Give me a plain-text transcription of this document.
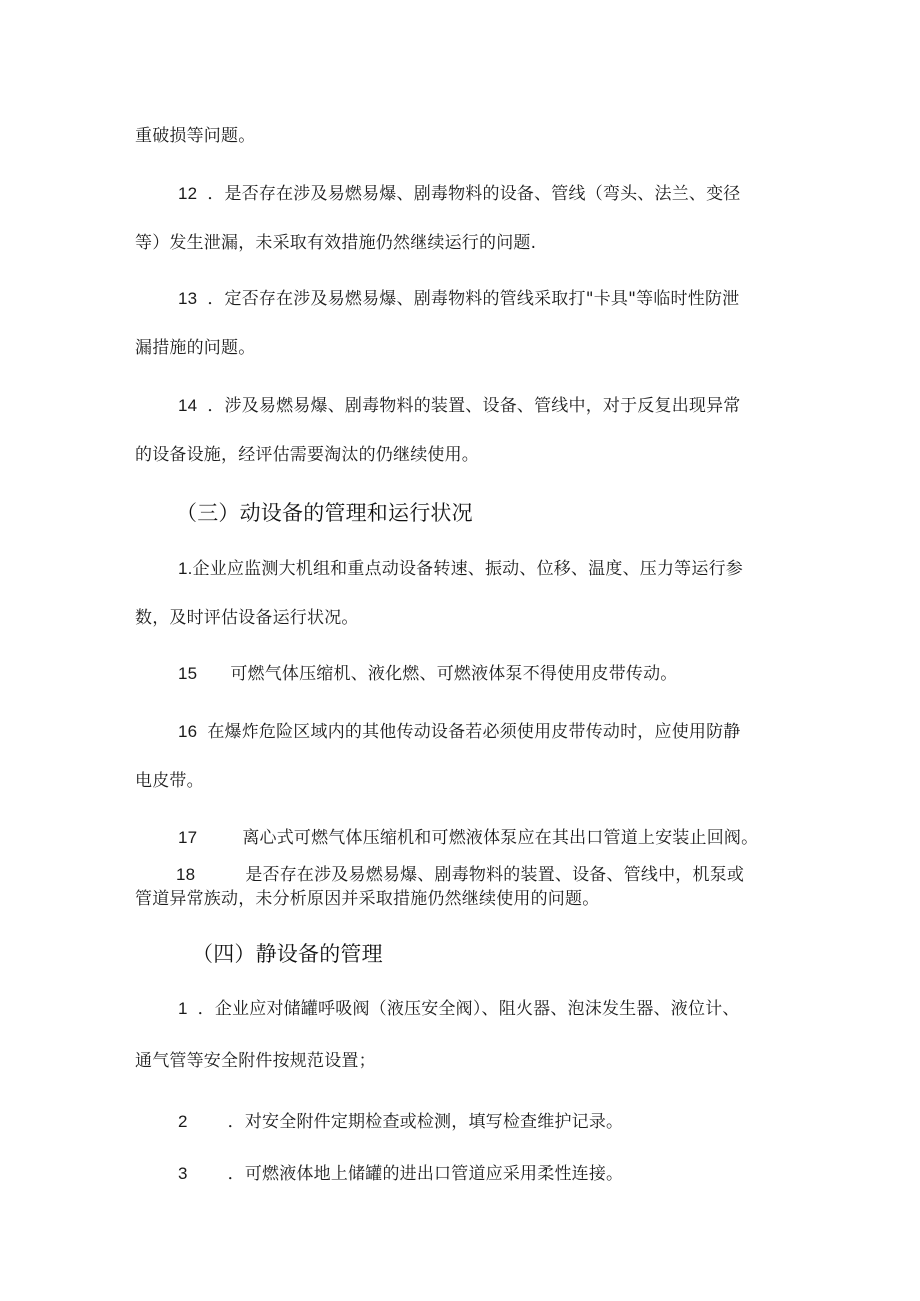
重破损等问题。
12 ．是否存在涉及易燃易爆、剧毒物料的设备、管线（弯头、法兰、变径
等）发生泄漏，未采取有效措施仍然继续运行的问题.
13 ．定否存在涉及易燃易爆、剧毒物料的管线采取打"卡具"等临时性防泄
漏措施的问题。
14 ．涉及易燃易爆、剧毒物料的装置、设备、管线中，对于反复出现异常
的设备设施，经评估需要淘汰的仍继续使用。
（三）动设备的管理和运行状况
1.企业应监测大机组和重点动设备转速、振动、位移、温度、压力等运行参
数，及时评估设备运行状况。
15 可燃气体压缩机、液化燃、可燃液体泵不得使用皮带传动。
16 在爆炸危险区域内的其他传动设备若必须使用皮带传动时，应使用防静
电皮带。
17	离心式可燃气体压缩机和可燃液体泵应在其出口管道上安装止回阀。
18	是否存在涉及易燃易爆、剧毒物料的装置、设备、管线中，机泵或
管道异常族动，未分析原因并采取措施仍然继续使用的问题。
（四）静设备的管理
1 ．企业应对储罐呼吸阀（液压安全阀）、阻火器、泡沫发生器、液位计、
通气管等安全附件按规范设置；
2 ．对安全附件定期检查或检测，填写检查维护记录。
3 ．可燃液体地上储罐的进出口管道应采用柔性连接。
